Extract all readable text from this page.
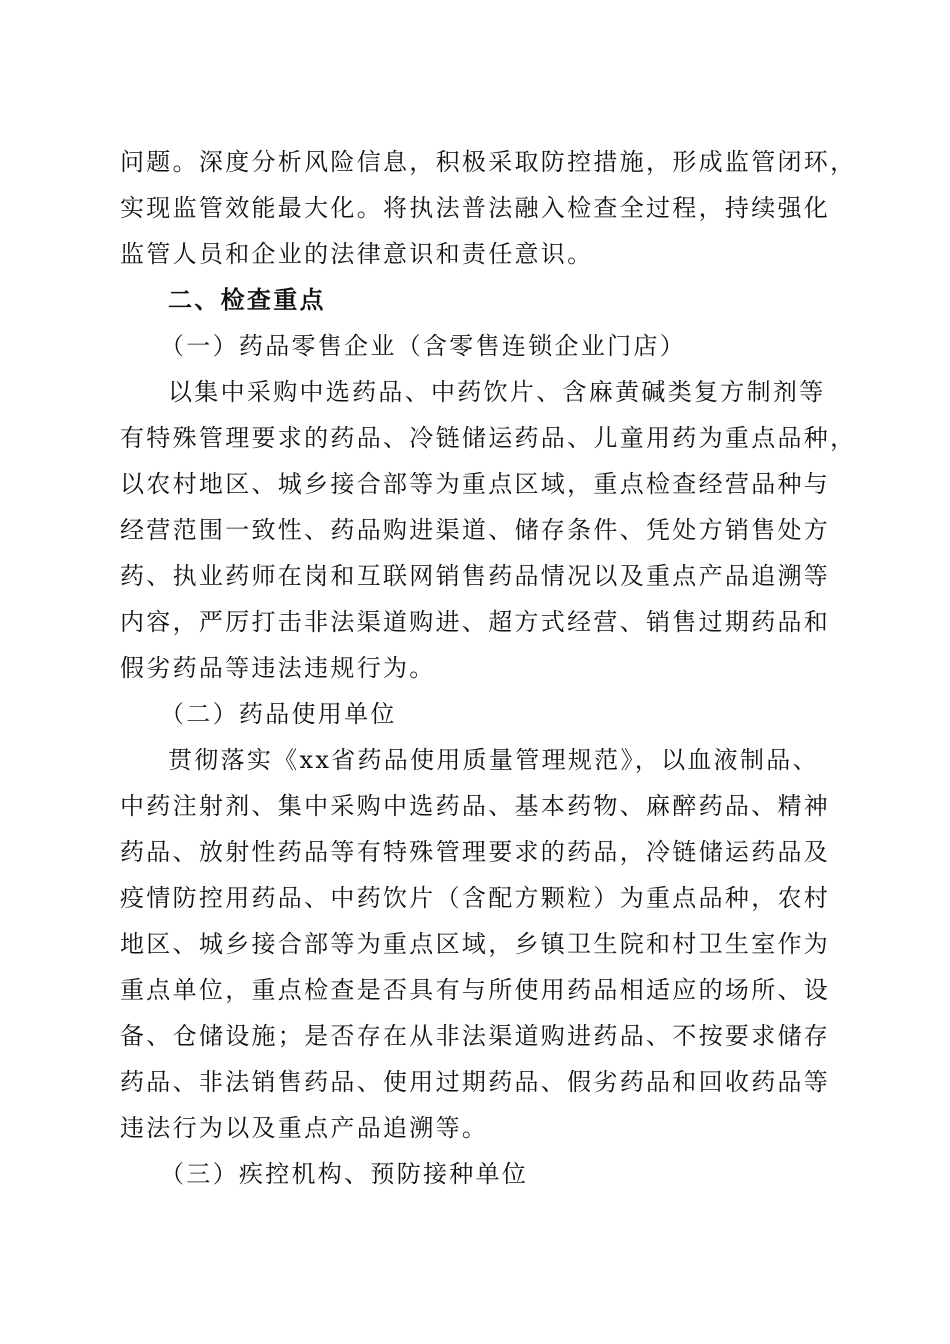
问题。深度分析风险信息，积极采取防控措施，形成监管闭环，
实现监管效能最大化。将执法普法融入检查全过程，持续强化
监管人员和企业的法律意识和责任意识。
二、检查重点
（一）药品零售企业（含零售连锁企业门店）
以集中采购中选药品、中药饮片、含麻黄碱类复方制剂等
有特殊管理要求的药品、冷链储运药品、儿童用药为重点品种，
以农村地区、城乡接合部等为重点区域，重点检查经营品种与
经营范围一致性、药品购进渠道、储存条件、凭处方销售处方
药、执业药师在岗和互联网销售药品情况以及重点产品追溯等
内容，严厉打击非法渠道购进、超方式经营、销售过期药品和
假劣药品等违法违规行为。
（二）药品使用单位
贯彻落实《xx省药品使用质量管理规范》，以血液制品、
中药注射剂、集中采购中选药品、基本药物、麻醉药品、精神
药品、放射性药品等有特殊管理要求的药品，冷链储运药品及
疫情防控用药品、中药饮片（含配方颗粒）为重点品种，农村
地区、城乡接合部等为重点区域，乡镇卫生院和村卫生室作为
重点单位，重点检查是否具有与所使用药品相适应的场所、设
备、仓储设施；是否存在从非法渠道购进药品、不按要求储存
药品、非法销售药品、使用过期药品、假劣药品和回收药品等
违法行为以及重点产品追溯等。
（三）疾控机构、预防接种单位
